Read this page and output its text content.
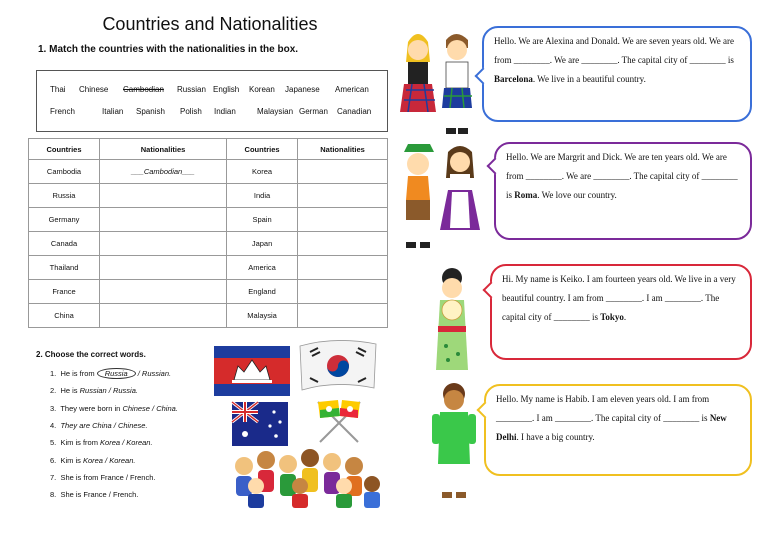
Countries and Nationalities
1. Match the countries with the nationalities in the box.
Thai Chinese Cambodian Russian English Korean Japanese American
French	Italian Spanish Polish Indian	Malaysian German Canadian
Countries	Nationalities	Countries	Nationalities
Cambodia	___Cambodian___	Korea	
Russia		India	
Germany		Spain	
Canada		Japan	
Thailand		America	
France		England	
China		Malaysia	
2. Choose the correct words.
1. He is from Russia / Russian.
2. He is Russian / Russia.
3. They were born in Chinese / China.
4. They are China / Chinese.
5. Kim is from Korea / Korean.
6. Kim is Korea / Korean.
7. She is from France / French.
8. She is France / French.
Hello. We are Alexina and Donald. We are seven years old. We are from ________. We are ________. The capital city of ________ is Barcelona. We live in a beautiful country.
Hello. We are Margrit and Dick. We are ten years old. We are from ________. We are ________. The capital city of ________ is Roma. We love our country.
Hi. My name is Keiko. I am fourteen years old. We live in a very beautiful country. I am from ________. I am ________. The capital city of ________ is Tokyo.
Hello. My name is Habib. I am eleven years old. I am from ________. I am ________. The capital city of ________ is New Delhi. I have a big country.
